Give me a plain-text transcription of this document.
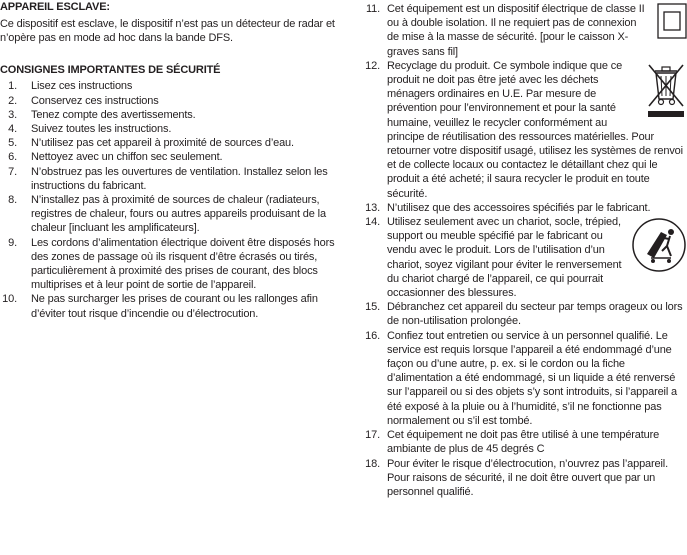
APPAREIL ESCLAVE:

Ce dispositif est esclave, le dispositif n’est pas un détecteur de radar et n’opère pas en mode ad hoc dans la bande DFS.

CONSIGNES IMPORTANTES DE SÉCURITÉ

1. Lisez ces instructions
2. Conservez ces instructions
3. Tenez compte des avertissements.
4. Suivez toutes les instructions.
5. N’utilisez pas cet appareil à proximité de sources d’eau.
6. Nettoyez avec un chiffon sec seulement.
7. N’obstruez pas les ouvertures de ventilation. Installez selon les instructions du fabricant.
8. N’installez pas à proximité de sources de chaleur (radiateurs, registres de chaleur, fours ou autres appareils produisant de la chaleur [incluant les amplificateurs].
9. Les cordons d’alimentation électrique doivent être disposés hors des zones de passage où ils risquent d’être écrasés ou tirés, particulièrement à proximité des prises de courant, des blocs multiprises et à leur point de sortie de l’appareil.
10. Ne pas surcharger les prises de courant ou les rallonges afin d’éviter tout risque d’incendie ou d’électrocution.
11. Cet équipement est un dispositif électrique de classe II ou à double isolation. Il ne requiert pas de connexion de mise à la masse de sécurité. [pour le caisson X-graves sans fil]
12. Recyclage du produit. Ce symbole indique que ce produit ne doit pas être jeté avec les déchets ménagers ordinaires en U.E. Par mesure de prévention pour l’environnement et pour la santé humaine, veuillez le recycler conformément au principe de réutilisation des ressources matérielles. Pour retourner votre dispositif usagé, utilisez les systèmes de renvoi et de collecte locaux ou contactez le détaillant chez qui le produit a été acheté; il saura recycler le produit en toute sécurité.
13. N’utilisez que des accessoires spécifiés par le fabricant.
14. Utilisez seulement avec un chariot, socle, trépied, support ou meuble spécifié par le fabricant ou vendu avec le produit. Lors de l’utilisation d’un chariot, soyez vigilant pour éviter le renversement du chariot chargé de l’appareil, ce qui pourrait occasionner des blessures.
15. Débranchez cet appareil du secteur par temps orageux ou lors de non-utilisation prolongée.
16. Confiez tout entretien ou service à un personnel qualifié. Le service est requis lorsque l’appareil a été endommagé d’une façon ou d’une autre, p. ex. si le cordon ou la fiche d’alimentation a été endommagé, si un liquide a été renversé sur l’appareil ou si des objets s’y sont introduits, si l’appareil a été exposé à la pluie ou à l’humidité, s’il ne fonctionne pas normalement ou s’il est tombé.
17. Cet équipement ne doit pas être utilisé à une température ambiante de plus de 45 degrés C
18. Pour éviter le risque d’électrocution, n’ouvrez pas l’appareil. Pour raisons de sécurité, il ne doit être ouvert que par un personnel qualifié.
